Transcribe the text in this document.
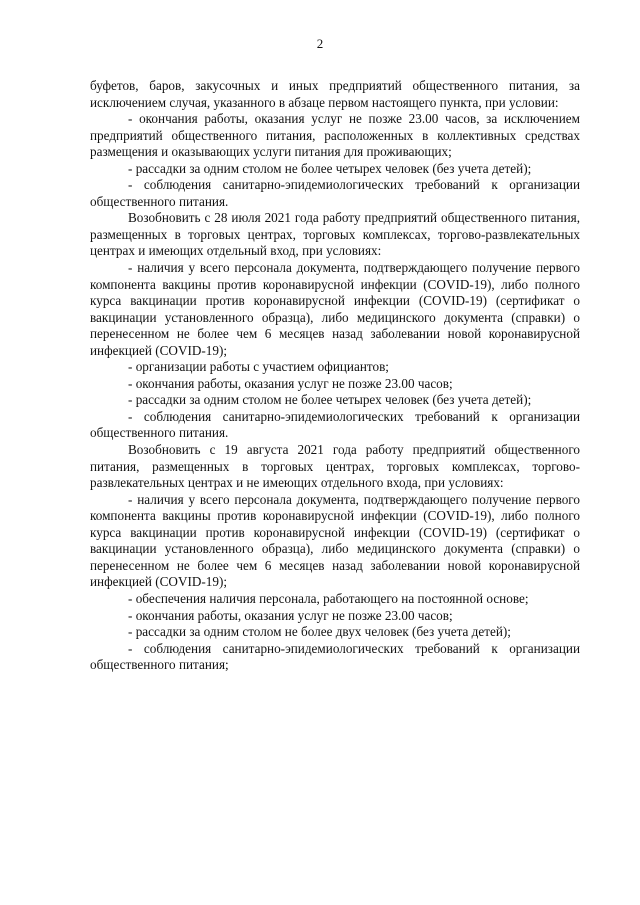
2

буфетов, баров, закусочных и иных предприятий общественного питания, за исключением случая, указанного в абзаце первом настоящего пункта, при условии:

- окончания работы, оказания услуг не позже 23.00 часов, за исключением предприятий общественного питания, расположенных в коллективных средствах размещения и оказывающих услуги питания для проживающих;

- рассадки за одним столом не более четырех человек (без учета детей);

- соблюдения санитарно-эпидемиологических требований к организации общественного питания.

Возобновить с 28 июля 2021 года работу предприятий общественного питания, размещенных в торговых центрах, торговых комплексах, торгово-развлекательных центрах и имеющих отдельный вход, при условиях:

- наличия у всего персонала документа, подтверждающего получение первого компонента вакцины против коронавирусной инфекции (COVID-19), либо полного курса вакцинации против коронавирусной инфекции (COVID-19) (сертификат о вакцинации установленного образца), либо медицинского документа (справки) о перенесенном не более чем 6 месяцев назад заболевании новой коронавирусной инфекцией (COVID-19);

- организации работы с участием официантов;

- окончания работы, оказания услуг не позже 23.00 часов;

- рассадки за одним столом не более четырех человек (без учета детей);

- соблюдения санитарно-эпидемиологических требований к организации общественного питания.

Возобновить с 19 августа 2021 года работу предприятий общественного питания, размещенных в торговых центрах, торговых комплексах, торгово-развлекательных центрах и не имеющих отдельного входа, при условиях:

- наличия у всего персонала документа, подтверждающего получение первого компонента вакцины против коронавирусной инфекции (COVID-19), либо полного курса вакцинации против коронавирусной инфекции (COVID-19) (сертификат о вакцинации установленного образца), либо медицинского документа (справки) о перенесенном не более чем 6 месяцев назад заболевании новой коронавирусной инфекцией (COVID-19);

- обеспечения наличия персонала, работающего на постоянной основе;

- окончания работы, оказания услуг не позже 23.00 часов;

- рассадки за одним столом не более двух человек (без учета детей);

- соблюдения санитарно-эпидемиологических требований к организации общественного питания;
